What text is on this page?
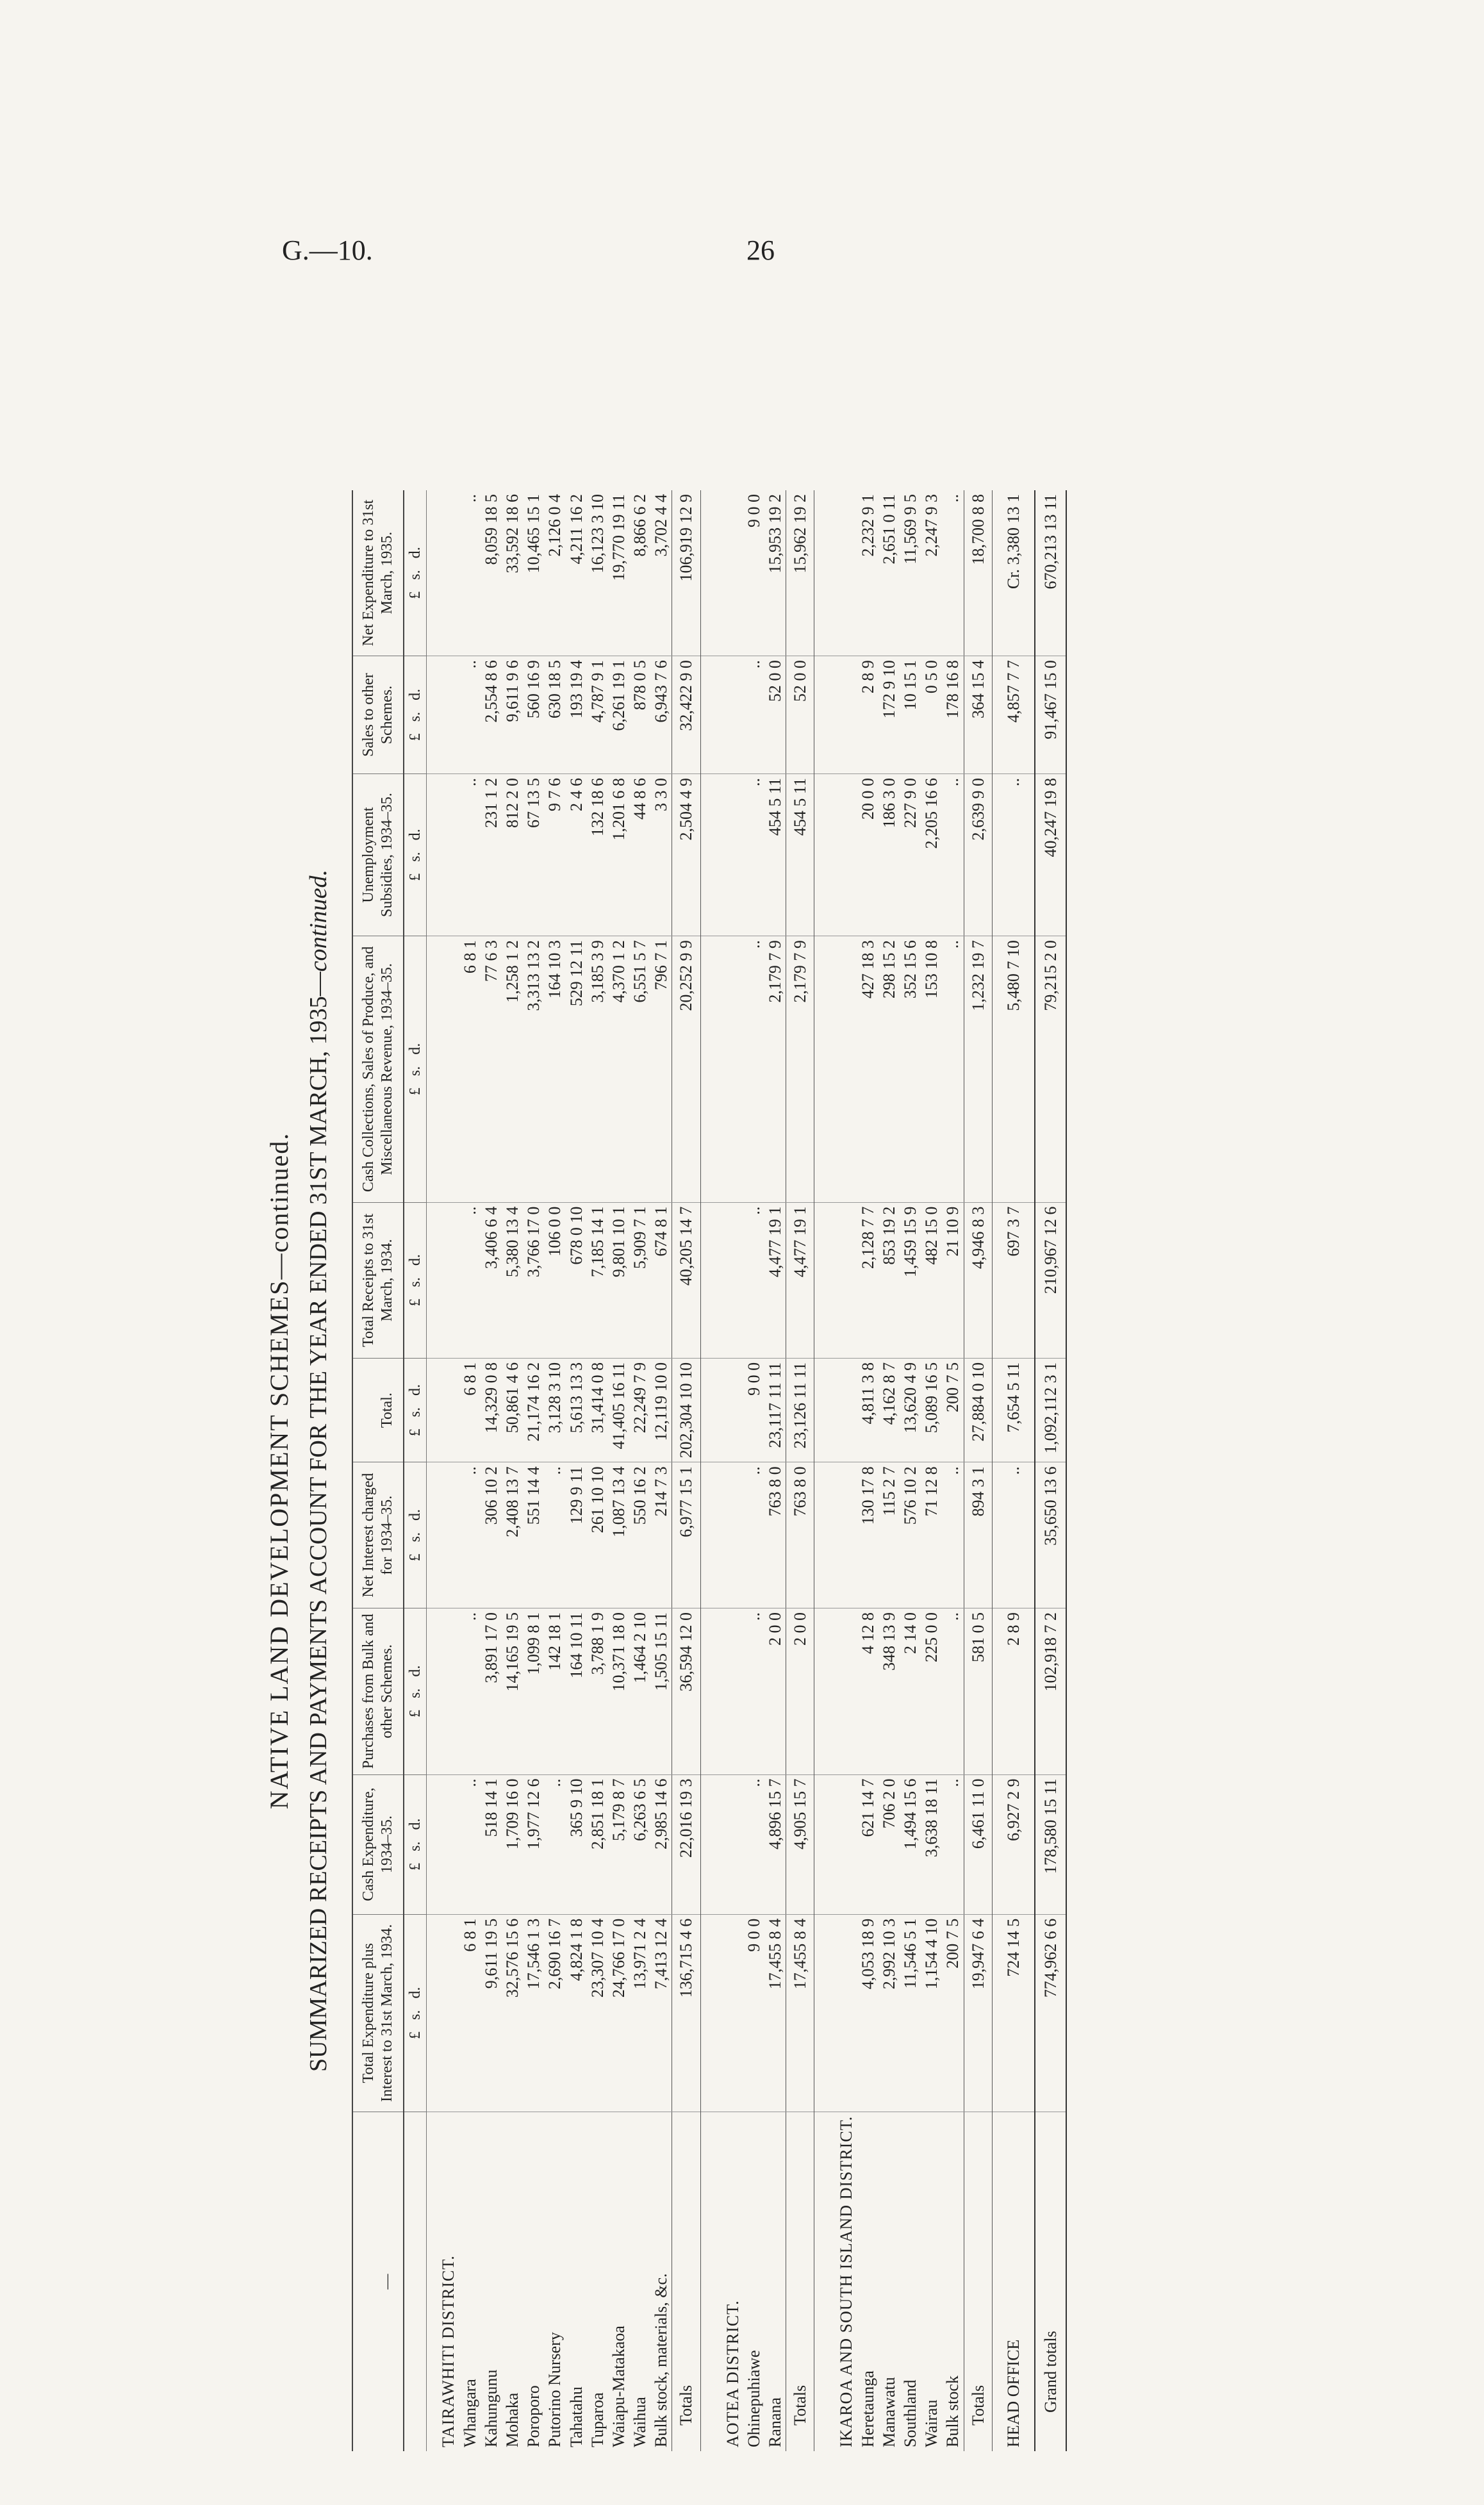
G.—10.	26
NATIVE LAND DEVELOPMENT SCHEMES—continued. SUMMARIZED RECEIPTS AND PAYMENTS ACCOUNT FOR THE YEAR ENDED 31ST MARCH, 1935—continued.
—	Total Expenditure plus Interest to 31st March, 1934.	Cash Expenditure, 1934–35.	Purchases from Bulk and other Schemes.	Net Interest charged for 1934–35.	Total.	Total Receipts to 31st March, 1934.	Cash Collections, Sales of Produce, and Miscellaneous Revenue, 1934–35.	Unemployment Subsidies, 1934–35.	Sales to other Schemes.	Net Expenditure to 31st March, 1935.
	£   s.   d.	£   s.   d.	£   s.   d.	£   s.   d.	£   s.   d.	£   s.   d.	£   s.   d.	£   s.   d.	£   s.   d.	£   s.   d.
TAIRAWHITI DISTRICT.										
Whangara	6 8 1	..	..	..	6 8 1	..	6 8 1	..	..	..
Kahungunu	9,611 19 5	518 14 1	3,891 17 0	306 10 2	14,329 0 8	3,406 6 4	77 6 3	231 1 2	2,554 8 6	8,059 18 5
Mohaka	32,576 15 6	1,709 16 0	14,165 19 5	2,408 13 7	50,861 4 6	5,380 13 4	1,258 1 2	812 2 0	9,611 9 6	33,592 18 6
Poroporo	17,546 1 3	1,977 12 6	1,099 8 1	551 14 4	21,174 16 2	3,766 17 0	3,313 13 2	67 13 5	560 16 9	10,465 15 1
Putorino Nursery	2,690 16 7	..	142 18 1	..	3,128 3 10	106 0 0	164 10 3	9 7 6	630 18 5	2,126 0 4
Tahatahu	4,824 1 8	365 9 10	164 10 11	129 9 11	5,613 13 3	678 0 10	529 12 11	2 4 6	193 19 4	4,211 16 2
Tuparoa	23,307 10 4	2,851 18 1	3,788 1 9	261 10 10	31,414 0 8	7,185 14 1	3,185 3 9	132 18 6	4,787 9 1	16,123 3 10
Waiapu-Matakaoa	24,766 17 0	5,179 8 7	10,371 18 0	1,087 13 4	41,405 16 11	9,801 10 1	4,370 1 2	1,201 6 8	6,261 19 1	19,770 19 11
Waihua	13,971 2 4	6,263 6 5	1,464 2 10	550 16 2	22,249 7 9	5,909 7 1	6,551 5 7	44 8 6	878 0 5	8,866 6 2
Bulk stock, materials, &c.	7,413 12 4	2,985 14 6	1,505 15 11	214 7 3	12,119 10 0	674 8 1	796 7 1	3 3 0	6,943 7 6	3,702 4 4
Totals	136,715 4 6	22,016 19 3	36,594 12 0	6,977 15 1	202,304 10 10	40,205 14 7	20,252 9 9	2,504 4 9	32,422 9 0	106,919 12 9

AOTEA DISTRICT.										
Ohinepuhiawe	9 0 0	..	..	..	9 0 0	..	..	..	..	9 0 0
Ranana	17,455 8 4	4,896 15 7	2 0 0	763 8 0	23,117 11 11	4,477 19 1	2,179 7 9	454 5 11	52 0 0	15,953 19 2
Totals	17,455 8 4	4,905 15 7	2 0 0	763 8 0	23,126 11 11	4,477 19 1	2,179 7 9	454 5 11	52 0 0	15,962 19 2

IKAROA AND SOUTH ISLAND DISTRICT.										
Heretaunga	4,053 18 9	621 14 7	4 12 8	130 17 8	4,811 3 8	2,128 7 7	427 18 3	20 0 0	2 8 9	2,232 9 1
Manawatu	2,992 10 3	706 2 0	348 13 9	115 2 7	4,162 8 7	853 19 2	298 15 2	186 3 0	172 9 10	2,651 0 11
Southland	11,546 5 1	1,494 15 6	2 14 0	576 10 2	13,620 4 9	1,459 15 9	352 15 6	227 9 0	10 15 1	11,569 9 5
Wairau	1,154 4 10	3,638 18 11	225 0 0	71 12 8	5,089 16 5	482 15 0	153 10 8	2,205 16 6	0 5 0	2,247 9 3
Bulk stock	200 7 5	..	..	..	200 7 5	21 10 9	..	..	178 16 8	..
Totals	19,947 6 4	6,461 11 0	581 0 5	894 3 1	27,884 0 10	4,946 8 3	1,232 19 7	2,639 9 0	364 15 4	18,700 8 8

HEAD OFFICE	724 14 5	6,927 2 9	2 8 9	..	7,654 5 11	697 3 7	5,480 7 10	..	4,857 7 7	Cr. 3,380 13 1

Grand totals	774,962 6 6	178,580 15 11	102,918 7 2	35,650 13 6	1,092,112 3 1	210,967 12 6	79,215 2 0	40,247 19 8	91,467 15 0	670,213 13 11
